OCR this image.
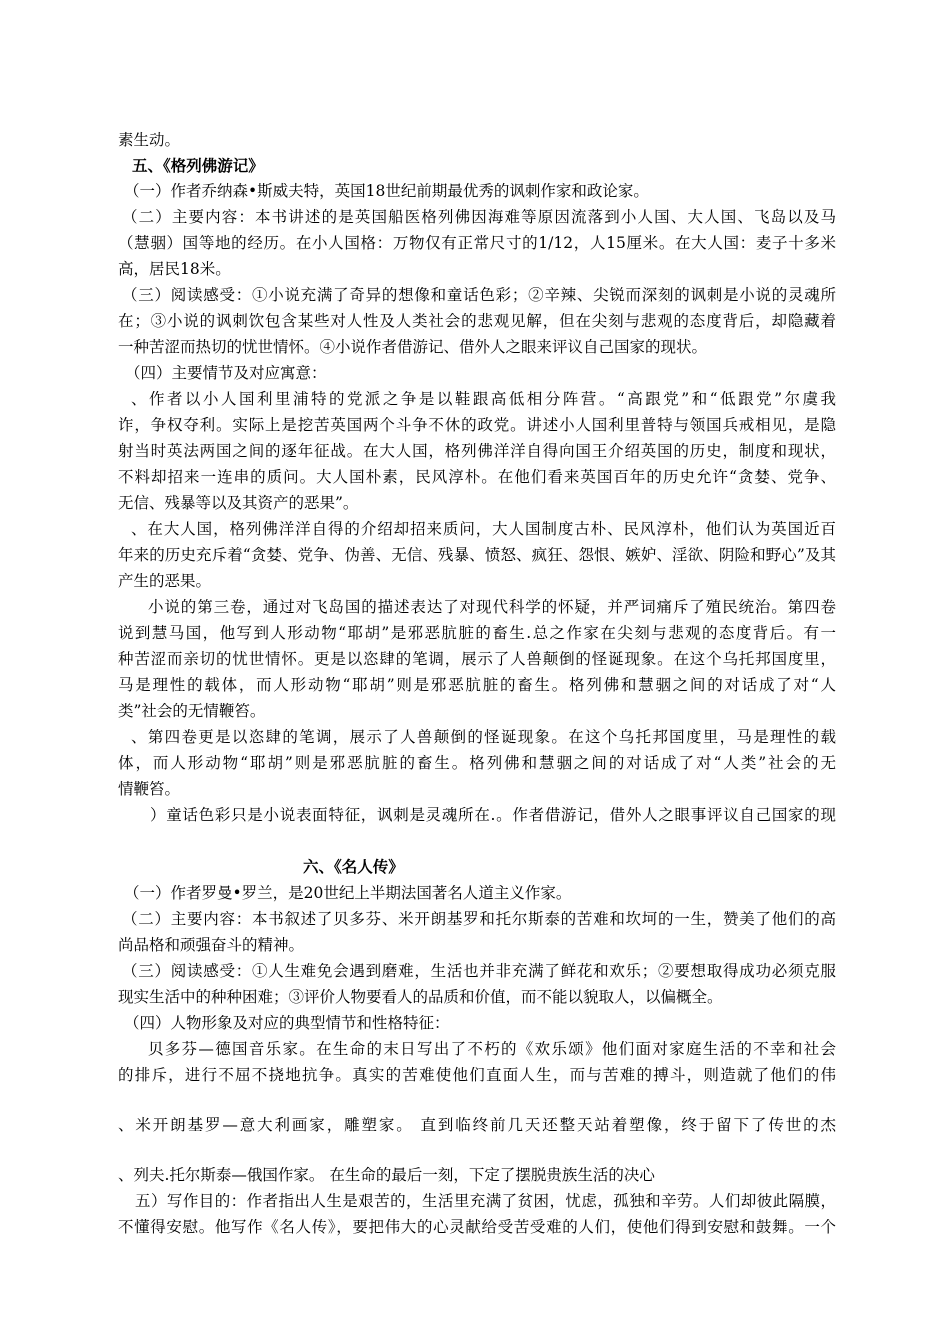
素生动。
五、《格列佛游记》
（一）作者乔纳森•斯威夫特，英国18世纪前期最优秀的讽刺作家和政论家。
（二）主要内容：本书讲述的是英国船医格列佛因海难等原因流落到小人国、大人国、飞岛以及马
（慧骃）国等地的经历。在小人国格：万物仅有正常尺寸的1/12，人15厘米。在大人国：麦子十多米
高，居民18米。
（三）阅读感受：①小说充满了奇异的想像和童话色彩；②辛辣、尖锐而深刻的讽刺是小说的灵魂所
在；③小说的讽刺饮包含某些对人性及人类社会的悲观见解，但在尖刻与悲观的态度背后，却隐藏着
一种苦涩而热切的忧世情怀。④小说作者借游记、借外人之眼来评议自己国家的现状。
（四）主要情节及对应寓意：
、作者以小人国利里浦特的党派之争是以鞋跟高低相分阵营。“高跟党”和“低跟党”尔虞我
诈，争权夺利。实际上是挖苦英国两个斗争不休的政党。讲述小人国利里普特与领国兵戒相见，是隐
射当时英法两国之间的逐年征战。在大人国，格列佛洋洋自得向国王介绍英国的历史，制度和现状，
不料却招来一连串的质问。大人国朴素，民风淳朴。在他们看来英国百年的历史允许“贪婪、党争、
无信、残暴等以及其资产的恶果”。
、在大人国，格列佛洋洋自得的介绍却招来质问，大人国制度古朴、民风淳朴，他们认为英国近百
年来的历史充斥着“贪婪、党争、伪善、无信、残暴、愤怒、疯狂、怨恨、嫉妒、淫欲、阴险和野心”及其
产生的恶果。
小说的第三卷，通过对飞岛国的描述表达了对现代科学的怀疑，并严词痛斥了殖民统治。第四卷
说到慧马国，他写到人形动物“耶胡”是邪恶肮脏的畜生.总之作家在尖刻与悲观的态度背后。有一
种苦涩而亲切的忧世情怀。更是以恣肆的笔调，展示了人兽颠倒的怪诞现象。在这个乌托邦国度里，
马是理性的载体，而人形动物“耶胡”则是邪恶肮脏的畜生。格列佛和慧骃之间的对话成了对“人
类”社会的无情鞭笞。
、第四卷更是以恣肆的笔调，展示了人兽颠倒的怪诞现象。在这个乌托邦国度里，马是理性的载
体，而人形动物“耶胡”则是邪恶肮脏的畜生。格列佛和慧骃之间的对话成了对“人类”社会的无
情鞭笞。
）童话色彩只是小说表面特征，讽刺是灵魂所在.。作者借游记，借外人之眼事评议自己国家的现
六、《名人传》
（一）作者罗曼•罗兰，是20世纪上半期法国著名人道主义作家。
（二）主要内容：本书叙述了贝多芬、米开朗基罗和托尔斯泰的苦难和坎坷的一生，赞美了他们的高
尚品格和顽强奋斗的精神。
（三）阅读感受：①人生难免会遇到磨难，生活也并非充满了鲜花和欢乐；②要想取得成功必须克服
现实生活中的种种困难；③评价人物要看人的品质和价值，而不能以貌取人，以偏概全。
（四）人物形象及对应的典型情节和性格特征：
贝多芬—德国音乐家。在生命的末日写出了不朽的《欢乐颂》他们面对家庭生活的不幸和社会
的排斥，进行不屈不挠地抗争。真实的苦难使他们直面人生，而与苦难的搏斗，则造就了他们的伟
、米开朗基罗—意大利画家，雕塑家。 直到临终前几天还整天站着塑像，终于留下了传世的杰
、列夫.托尔斯泰—俄国作家。 在生命的最后一刻，下定了摆脱贵族生活的决心
五）写作目的：作者指出人生是艰苦的，生活里充满了贫困，忧虑，孤独和辛劳。人们却彼此隔膜，
不懂得安慰。他写作《名人传》，要把伟大的心灵献给受苦受难的人们，使他们得到安慰和鼓舞。一个
